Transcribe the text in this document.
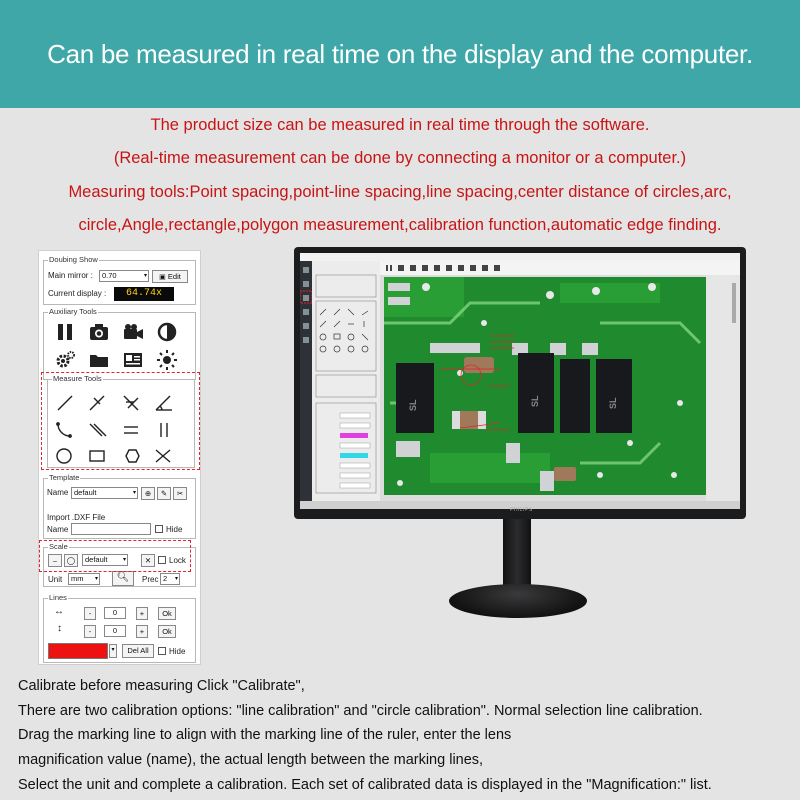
Can be measured in real time on the display and the computer.
The product size can be measured in real time through the software.
(Real-time measurement can be done by connecting a monitor or a computer.)
Measuring tools:Point spacing,point-line spacing,line spacing,center distance of circles,arc,
circle,Angle,rectangle,polygon measurement,calibration function,automatic edge finding.
Doubing Show
Main mirror :	0.70	▾	▣ Edit
Current display :	64.74x
Auxiliary Tools
Measure Tools
Template
Name default	▾	⊕	✎	✂
Import .DXF File
Name	Hide
Scale
⎯	◯	default	▾	✕	Lock
Unit	mm ▾	🔍︎	Prec 2 ▾
Lines
↔	-	0	+	Ok
↕	-	0	+	Ok
▾	Del All	Hide
SL	SL	SL
D=0.2622mm
L=0.7394mm
S=0.9876mm
L=2.0381mm
L=2.0137mm
PHILIPS
Calibrate before measuring Click "Calibrate",
There are two calibration options: "line calibration" and "circle calibration". Normal selection line calibration.
Drag the marking line to align with the marking line of the ruler, enter the lens
magnification value (name), the actual length between the marking lines,
Select the unit and complete a calibration. Each set of calibrated data is displayed in the "Magnification:" list.
